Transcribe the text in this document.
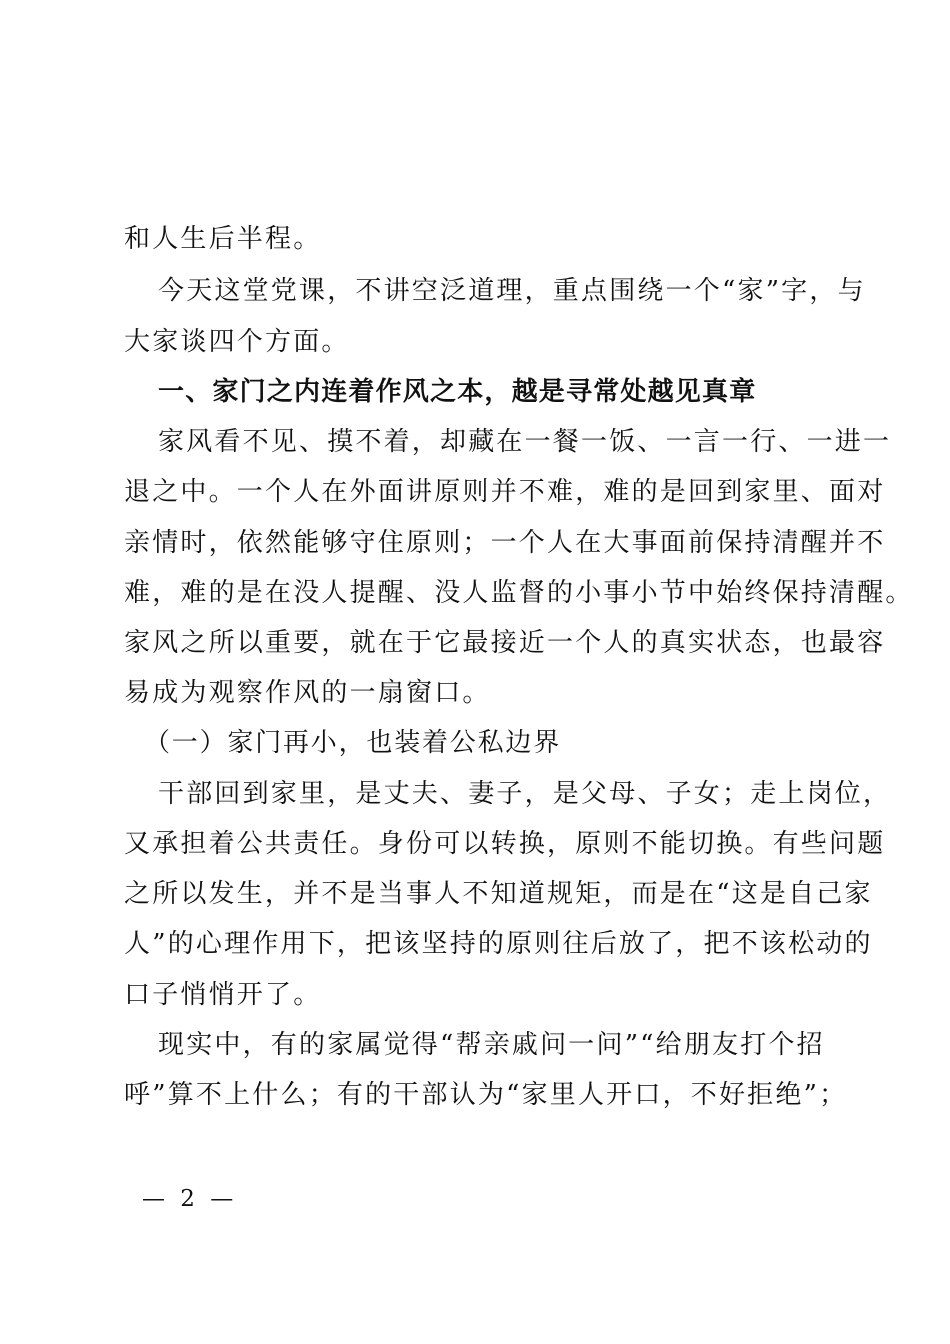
和人生后半程。
今天这堂党课，不讲空泛道理，重点围绕一个“家”字，与
大家谈四个方面。
一、家门之内连着作风之本，越是寻常处越见真章
家风看不见、摸不着，却藏在一餐一饭、一言一行、一进一
退之中。一个人在外面讲原则并不难，难的是回到家里、面对
亲情时，依然能够守住原则；一个人在大事面前保持清醒并不
难，难的是在没人提醒、没人监督的小事小节中始终保持清醒。
家风之所以重要，就在于它最接近一个人的真实状态，也最容
易成为观察作风的一扇窗口。
（一）家门再小，也装着公私边界
干部回到家里，是丈夫、妻子，是父母、子女；走上岗位，
又承担着公共责任。身份可以转换，原则不能切换。有些问题
之所以发生，并不是当事人不知道规矩，而是在“这是自己家
人”的心理作用下，把该坚持的原则往后放了，把不该松动的
口子悄悄开了。
现实中，有的家属觉得“帮亲戚问一问”“给朋友打个招
呼”算不上什么；有的干部认为“家里人开口，不好拒绝”；
— 2 —
